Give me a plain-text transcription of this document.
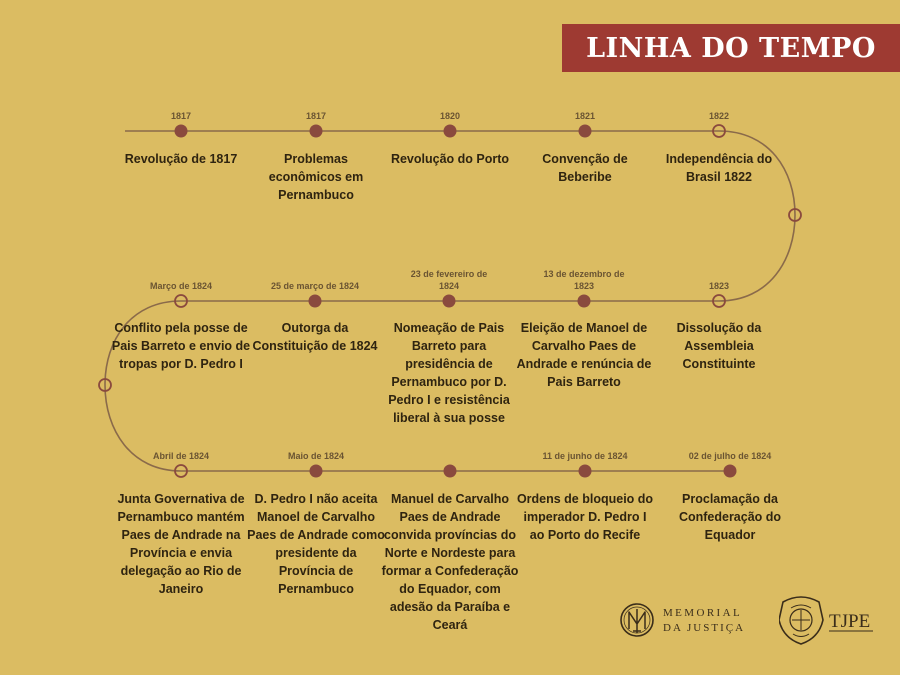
LINHA DO TEMPO
1817
Revolução de 1817
1817
Problemas econômicos em Pernambuco
1820
Revolução do Porto
1821
Convenção de Beberibe
1822
Independência do Brasil 1822
Março de 1824
Conflito pela posse de Pais Barreto e envio de tropas por D. Pedro I
25 de março de 1824
Outorga da Constituição de 1824
23 de fevereiro de 1824
Nomeação de Pais Barreto para presidência de Pernambuco por D. Pedro I e resistência liberal à sua posse
13 de dezembro de 1823
Eleição de Manoel de Carvalho Paes de Andrade e renúncia de Pais Barreto
1823
Dissolução da Assembleia Constituinte
Abril de 1824
Junta Governativa de Pernambuco mantém Paes de Andrade na Província e envia delegação ao Rio de Janeiro
Maio de 1824
D. Pedro I não aceita Manoel de Carvalho Paes de Andrade como presidente da Província de Pernambuco
Manuel de Carvalho Paes de Andrade convida províncias do Norte e Nordeste para formar a Confederação do Equador, com adesão da Paraíba e Ceará
11 de junho de 1824
Ordens de bloqueio do imperador D. Pedro I ao Porto do Recife
02 de julho de 1824
Proclamação da Confederação do Equador
MEMORIAL
DA JUSTIÇA	TJPE
